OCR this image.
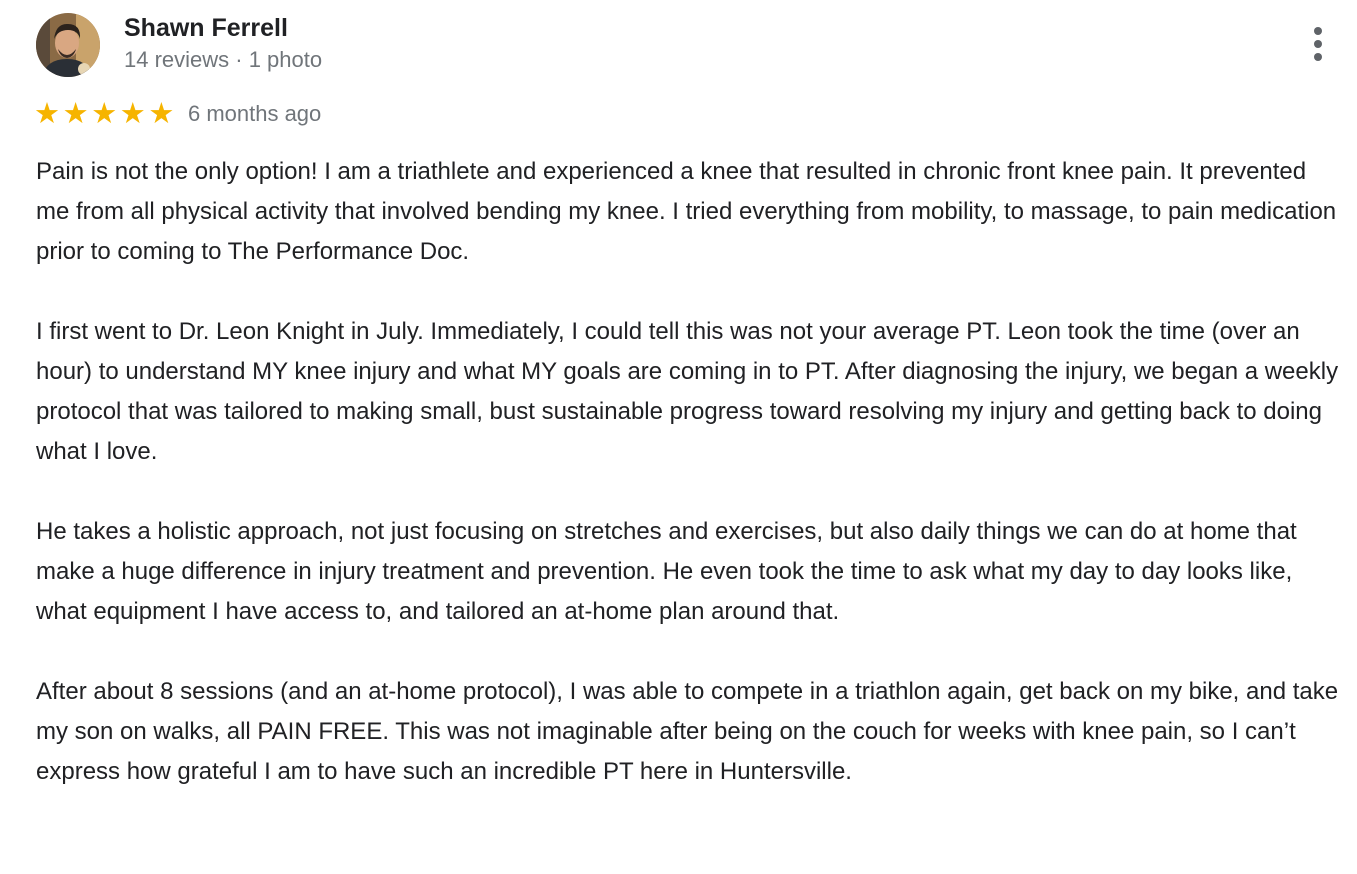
Shawn Ferrell
14 reviews · 1 photo
★ ★ ★ ★ ★ 6 months ago

Pain is not the only option! I am a triathlete and experienced a knee that resulted in chronic front knee pain. It prevented me from all physical activity that involved bending my knee. I tried everything from mobility, to massage, to pain medication prior to coming to The Performance Doc.

I first went to Dr. Leon Knight in July. Immediately, I could tell this was not your average PT. Leon took the time (over an hour) to understand MY knee injury and what MY goals are coming in to PT. After diagnosing the injury, we began a weekly protocol that was tailored to making small, bust sustainable progress toward resolving my injury and getting back to doing what I love.

He takes a holistic approach, not just focusing on stretches and exercises, but also daily things we can do at home that make a huge difference in injury treatment and prevention. He even took the time to ask what my day to day looks like, what equipment I have access to, and tailored an at-home plan around that.

After about 8 sessions (and an at-home protocol), I was able to compete in a triathlon again, get back on my bike, and take my son on walks, all PAIN FREE. This was not imaginable after being on the couch for weeks with knee pain, so I can’t express how grateful I am to have such an incredible PT here in Huntersville.
